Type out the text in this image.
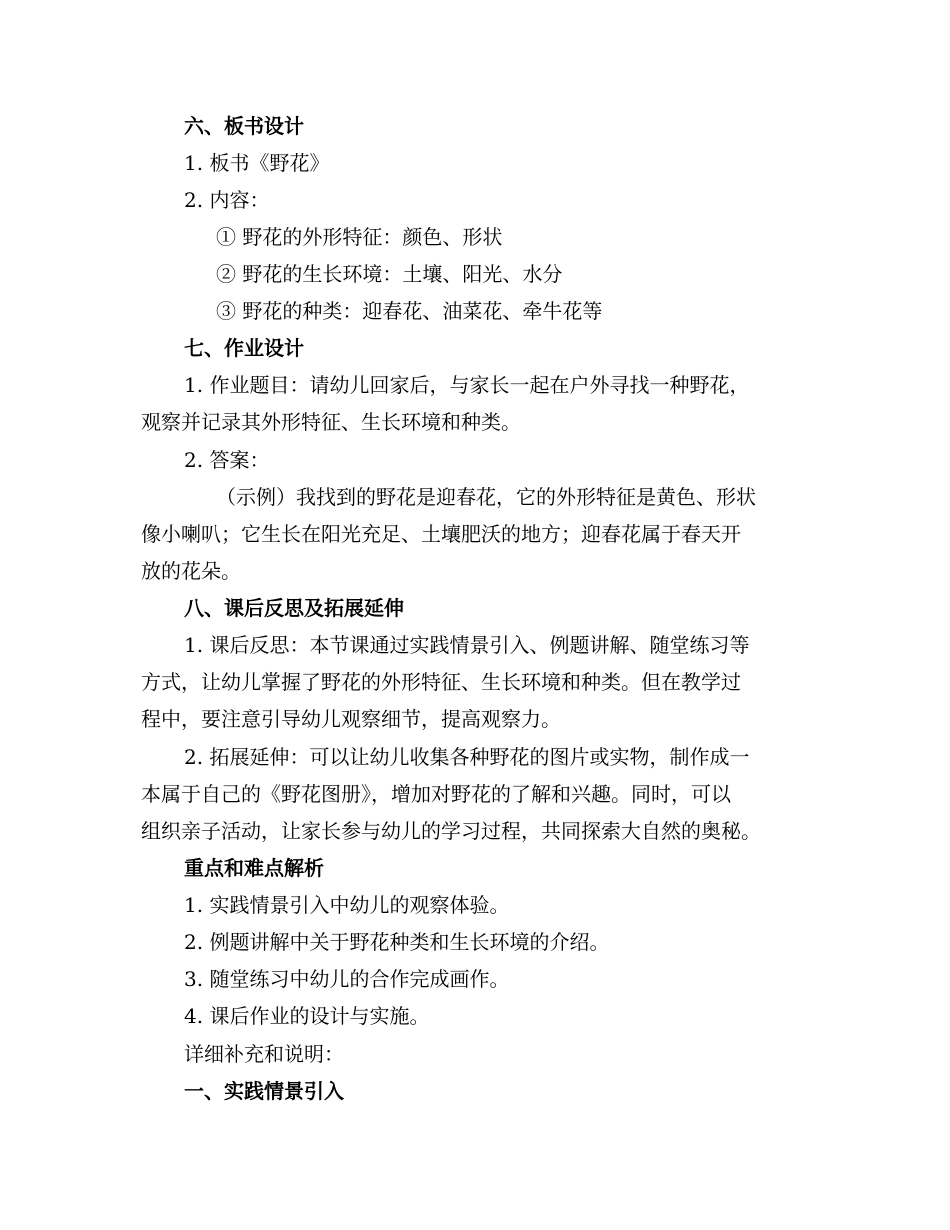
六、板书设计
1. 板书《野花》
2. 内容：
① 野花的外形特征：颜色、形状
② 野花的生长环境：土壤、阳光、水分
③ 野花的种类：迎春花、油菜花、牵牛花等
七、作业设计
1. 作业题目：请幼儿回家后，与家长一起在户外寻找一种野花，
观察并记录其外形特征、生长环境和种类。
2. 答案：
（示例）我找到的野花是迎春花，它的外形特征是黄色、形状
像小喇叭；它生长在阳光充足、土壤肥沃的地方；迎春花属于春天开
放的花朵。
八、课后反思及拓展延伸
1. 课后反思：本节课通过实践情景引入、例题讲解、随堂练习等
方式，让幼儿掌握了野花的外形特征、生长环境和种类。但在教学过
程中，要注意引导幼儿观察细节，提高观察力。
2. 拓展延伸：可以让幼儿收集各种野花的图片或实物，制作成一
本属于自己的《野花图册》，增加对野花的了解和兴趣。同时，可以
组织亲子活动，让家长参与幼儿的学习过程，共同探索大自然的奥秘。
重点和难点解析
1. 实践情景引入中幼儿的观察体验。
2. 例题讲解中关于野花种类和生长环境的介绍。
3. 随堂练习中幼儿的合作完成画作。
4. 课后作业的设计与实施。
详细补充和说明：
一、实践情景引入
